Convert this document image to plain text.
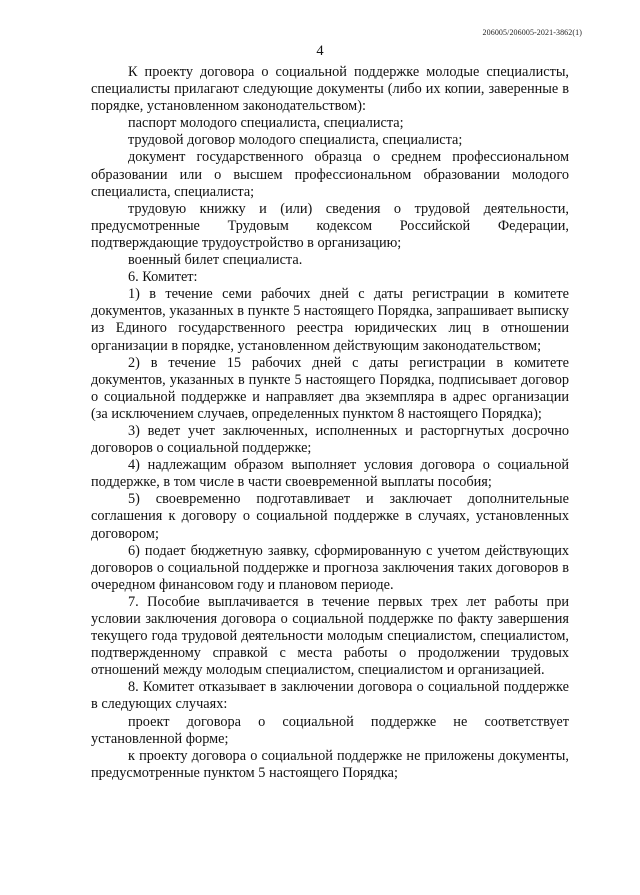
206005/206005-2021-3862(1)
4

К проекту договора о социальной поддержке молодые специалисты, специалисты прилагают следующие документы (либо их копии, заверенные в порядке, установленном законодательством):

паспорт молодого специалиста, специалиста;

трудовой договор молодого специалиста, специалиста;

документ государственного образца о среднем профессиональном образовании или о высшем профессиональном образовании молодого специалиста, специалиста;

трудовую книжку и (или) сведения о трудовой деятельности, предусмотренные Трудовым кодексом Российской Федерации, подтверждающие трудоустройство в организацию;

военный билет специалиста.

6. Комитет:

1) в течение семи рабочих дней с даты регистрации в комитете документов, указанных в пункте 5 настоящего Порядка, запрашивает выписку из Единого государственного реестра юридических лиц в отношении организации в порядке, установленном действующим законодательством;

2) в течение 15 рабочих дней с даты регистрации в комитете документов, указанных в пункте 5 настоящего Порядка, подписывает договор о социальной поддержке и направляет два экземпляра в адрес организации (за исключением случаев, определенных пунктом 8 настоящего Порядка);

3) ведет учет заключенных, исполненных и расторгнутых досрочно договоров о социальной поддержке;

4) надлежащим образом выполняет условия договора о социальной поддержке, в том числе в части своевременной выплаты пособия;

5) своевременно подготавливает и заключает дополнительные соглашения к договору о социальной поддержке в случаях, установленных договором;

6) подает бюджетную заявку, сформированную с учетом действующих договоров о социальной поддержке и прогноза заключения таких договоров в очередном финансовом году и плановом периоде.

7. Пособие выплачивается в течение первых трех лет работы при условии заключения договора о социальной поддержке по факту завершения текущего года трудовой деятельности молодым специалистом, специалистом, подтвержденному справкой с места работы о продолжении трудовых отношений между молодым специалистом, специалистом и организацией.

8. Комитет отказывает в заключении договора о социальной поддержке в следующих случаях:

проект договора о социальной поддержке не соответствует установленной форме;

к проекту договора о социальной поддержке не приложены документы, предусмотренные пунктом 5 настоящего Порядка;
